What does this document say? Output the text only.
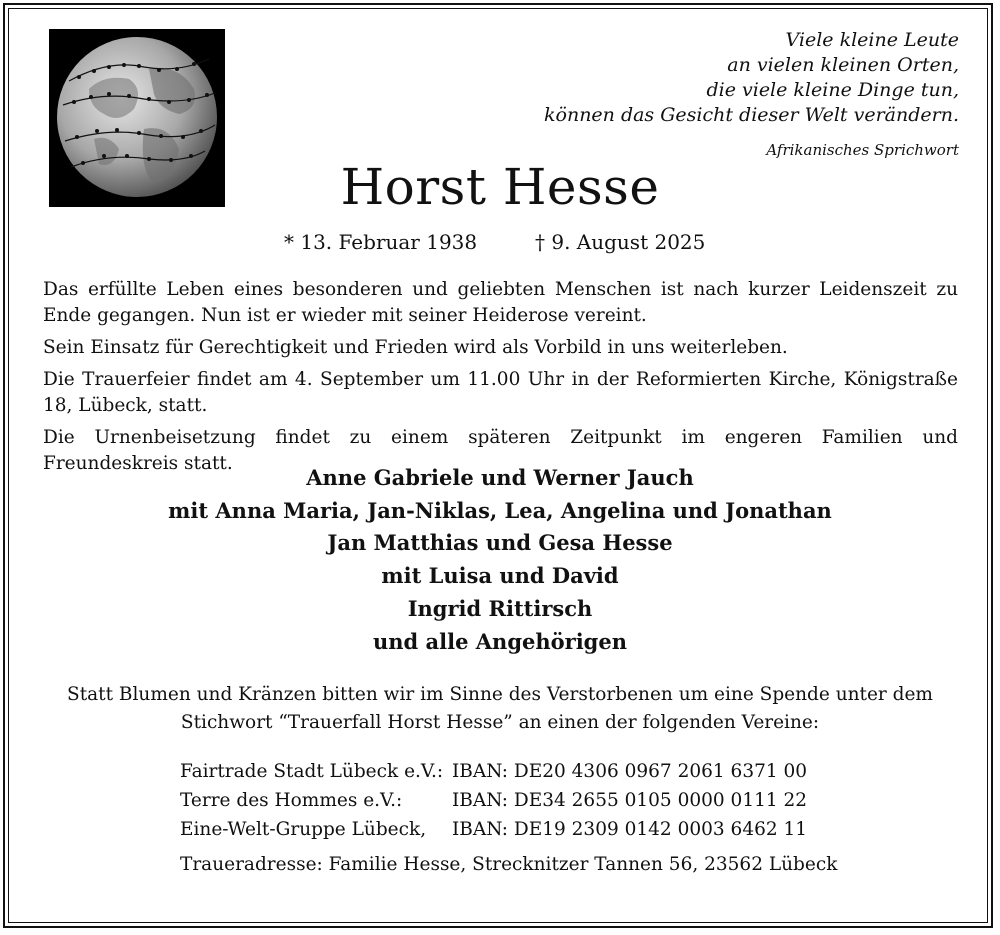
Viele kleine Leute
an vielen kleinen Orten,
die viele kleine Dinge tun,
können das Gesicht dieser Welt verändern.
Afrikanisches Sprichwort
Horst Hesse
* 13. Februar 1938	† 9. August 2025

Das erfüllte Leben eines besonderen und geliebten Menschen ist nach kurzer Leidenszeit zu Ende gegangen. Nun ist er wieder mit seiner Heiderose vereint.

Sein Einsatz für Gerechtigkeit und Frieden wird als Vorbild in uns weiterleben.

Die Trauerfeier findet am 4. September um 11.00 Uhr in der Reformierten Kirche, Königstraße 18, Lübeck, statt.

Die Urnenbeisetzung findet zu einem späteren Zeitpunkt im engeren Familien und Freundeskreis statt.

Anne Gabriele und Werner Jauch
mit Anna Maria, Jan-Niklas, Lea, Angelina und Jonathan
Jan Matthias und Gesa Hesse
mit Luisa und David
Ingrid Rittirsch
und alle Angehörigen
Statt Blumen und Kränzen bitten wir im Sinne des Verstorbenen um eine Spende unter dem
Stichwort “Trauerfall Horst Hesse” an einen der folgenden Vereine:
Fairtrade Stadt Lübeck e.V.: IBAN: DE20 4306 0967 2061 6371 00
Terre des Hommes e.V.:	IBAN: DE34 2655 0105 0000 0111 22
Eine-Welt-Gruppe Lübeck,	IBAN: DE19 2309 0142 0003 6462 11
Traueradresse: Familie Hesse, Strecknitzer Tannen 56, 23562 Lübeck
